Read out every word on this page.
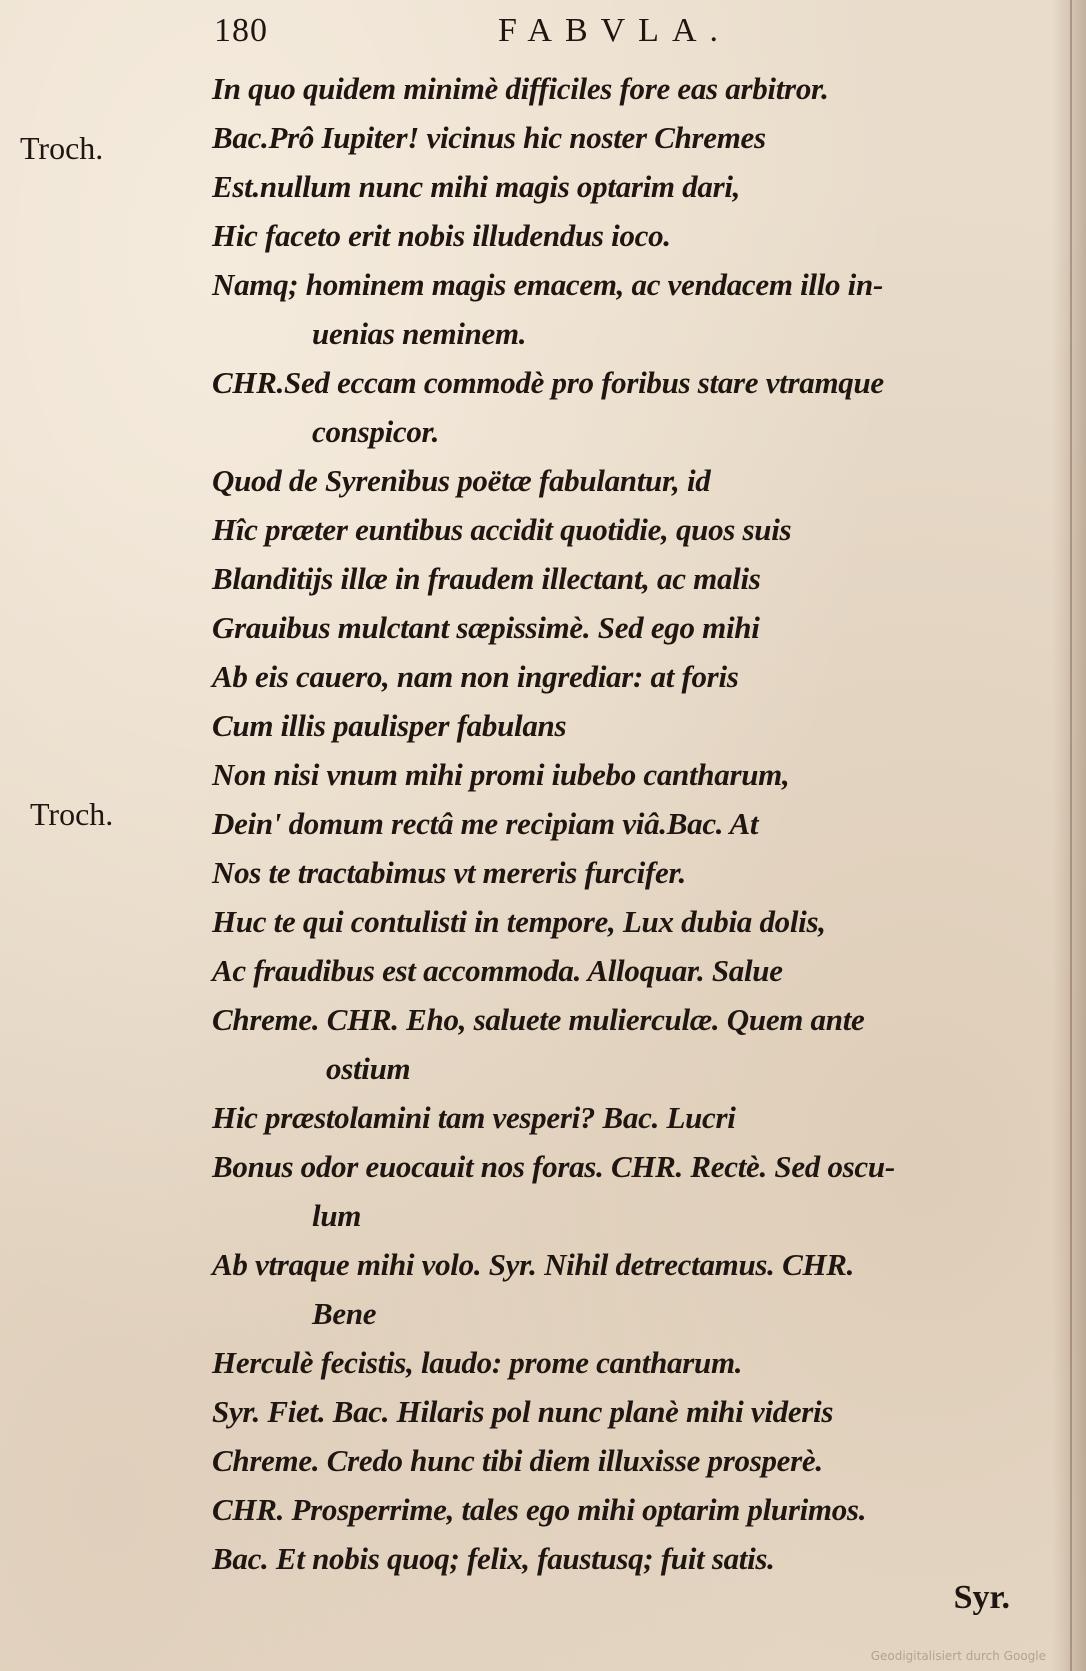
180	FABVLA.
Troch.
Troch.
In quo quidem minimè difficiles fore eas arbitror.
Bac.Prô Iupiter! vicinus hic noster Chremes
Est.nullum nunc mihi magis optarim dari,
Hic faceto erit nobis illudendus ioco.
Namq; hominem magis emacem, ac vendacem illo in-
uenias neminem.
CHR.Sed eccam commodè pro foribus stare vtramque
conspicor.
Quod de Syrenibus poëtæ fabulantur, id
Hîc præter euntibus accidit quotidie, quos suis
Blanditijs illæ in fraudem illectant, ac malis
Grauibus mulctant sæpissimè. Sed ego mihi
Ab eis cauero, nam non ingrediar: at foris
Cum illis paulisper fabulans
Non nisi vnum mihi promi iubebo cantharum,
Dein' domum rectâ me recipiam viâ.Bac. At
Nos te tractabimus vt mereris furcifer.
Huc te qui contulisti in tempore, Lux dubia dolis,
Ac fraudibus est accommoda. Alloquar. Salue
Chreme. CHR. Eho, saluete mulierculæ. Quem ante
ostium
Hic præstolamini tam vesperi? Bac. Lucri
Bonus odor euocauit nos foras. CHR. Rectè. Sed oscu-
lum
Ab vtraque mihi volo. Syr. Nihil detrectamus. CHR.
Bene
Herculè fecistis, laudo: prome cantharum.
Syr. Fiet. Bac. Hilaris pol nunc planè mihi videris
Chreme. Credo hunc tibi diem illuxisse prosperè.
CHR. Prosperrime, tales ego mihi optarim plurimos.
Bac. Et nobis quoq; felix, faustusq; fuit satis.
Syr.
Geodigitalisiert durch Google
